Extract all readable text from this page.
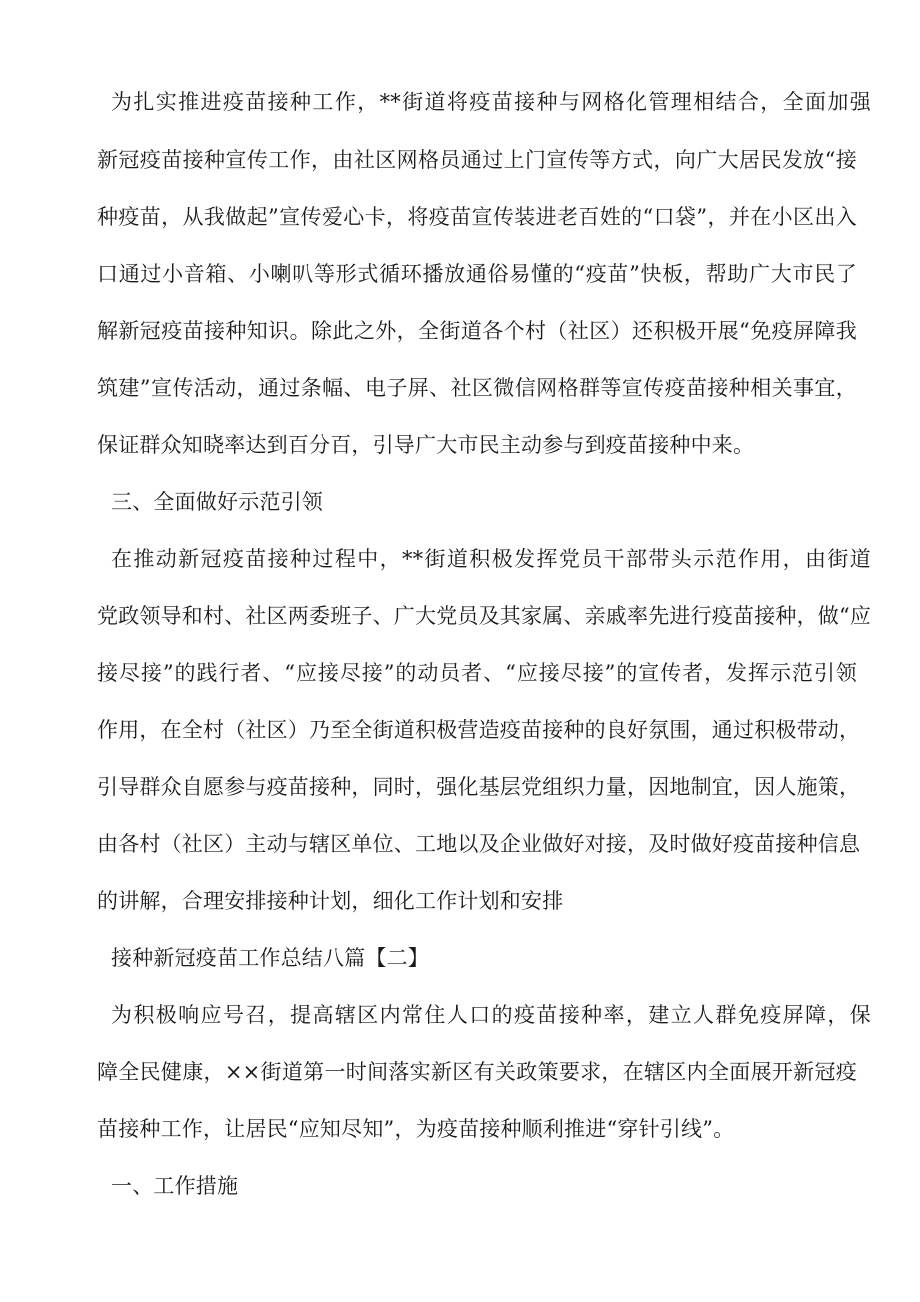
为扎实推进疫苗接种工作，**街道将疫苗接种与网格化管理相结合，全面加强
新冠疫苗接种宣传工作，由社区网格员通过上门宣传等方式，向广大居民发放“接
种疫苗，从我做起”宣传爱心卡，将疫苗宣传装进老百姓的“口袋”，并在小区出入
口通过小音箱、小喇叭等形式循环播放通俗易懂的“疫苗”快板，帮助广大市民了
解新冠疫苗接种知识。除此之外，全街道各个村（社区）还积极开展“免疫屏障我
筑建”宣传活动，通过条幅、电子屏、社区微信网格群等宣传疫苗接种相关事宜，
保证群众知晓率达到百分百，引导广大市民主动参与到疫苗接种中来。
三、全面做好示范引领
在推动新冠疫苗接种过程中，**街道积极发挥党员干部带头示范作用，由街道
党政领导和村、社区两委班子、广大党员及其家属、亲戚率先进行疫苗接种，做“应
接尽接”的践行者、“应接尽接”的动员者、“应接尽接”的宣传者，发挥示范引领
作用，在全村（社区）乃至全街道积极营造疫苗接种的良好氛围，通过积极带动，
引导群众自愿参与疫苗接种，同时，强化基层党组织力量，因地制宜，因人施策，
由各村（社区）主动与辖区单位、工地以及企业做好对接，及时做好疫苗接种信息
的讲解，合理安排接种计划，细化工作计划和安排
接种新冠疫苗工作总结八篇【二】
为积极响应号召，提高辖区内常住人口的疫苗接种率，建立人群免疫屏障，保
障全民健康，××街道第一时间落实新区有关政策要求，在辖区内全面展开新冠疫
苗接种工作，让居民“应知尽知”，为疫苗接种顺利推进“穿针引线”。
一、工作措施
